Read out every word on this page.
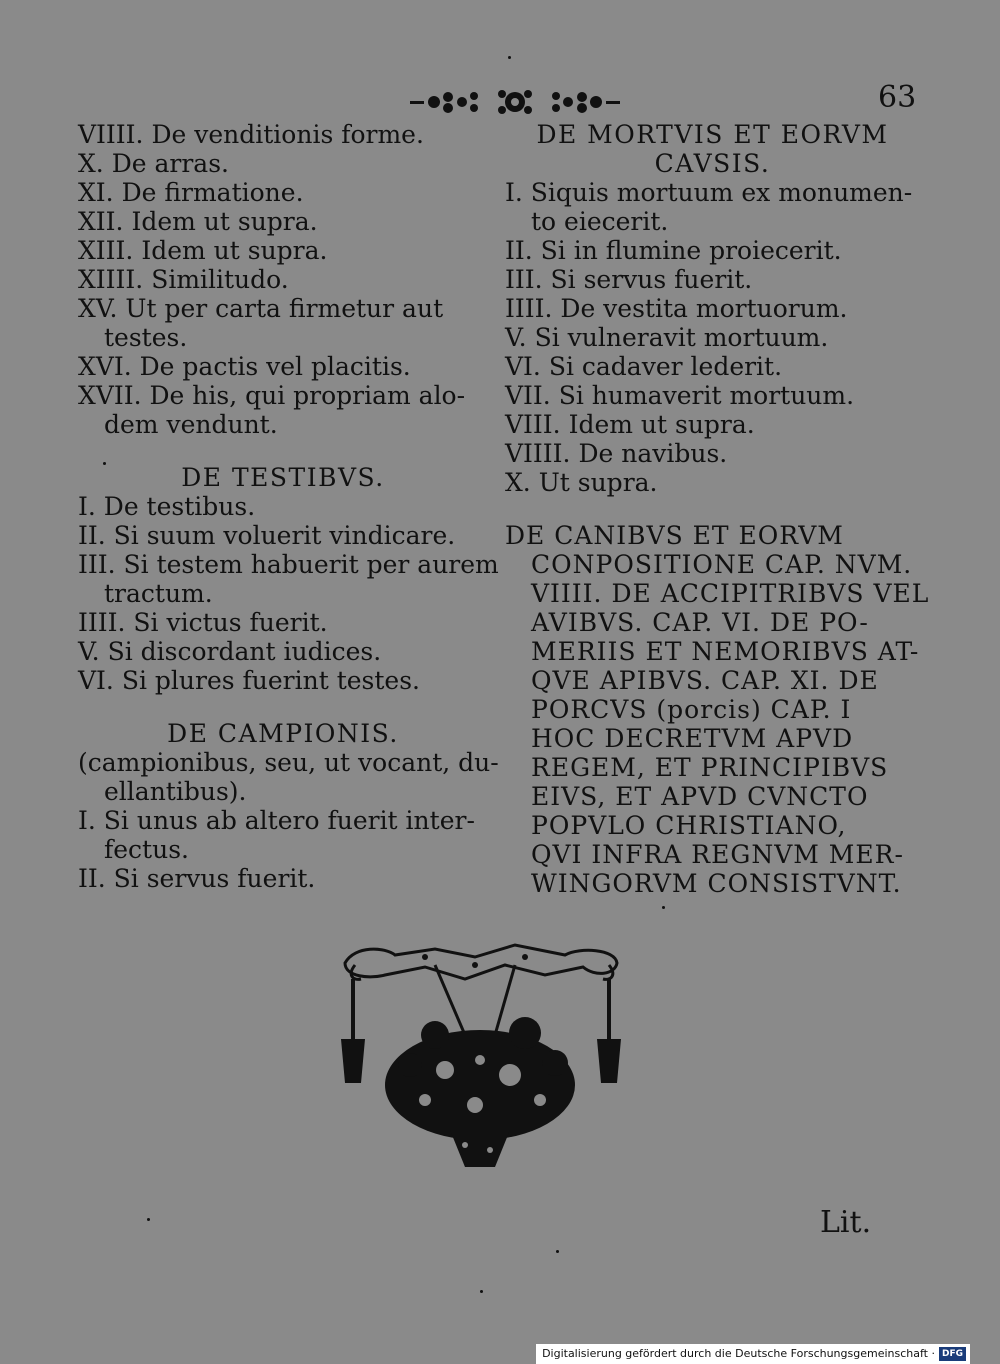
63
VIIII. De venditionis forme.
X. De arras.
XI. De firmatione.
XII. Idem ut supra.
XIII. Idem ut supra.
XIIII. Similitudo.
XV. Ut per carta firmetur aut
testes.
XVI. De pactis vel placitis.
XVII. De his, qui propriam alo-
dem vendunt.
DE TESTIBVS.
I. De testibus.
II. Si suum voluerit vindicare.
III. Si testem habuerit per aurem
tractum.
IIII. Si victus fuerit.
V. Si discordant iudices.
VI. Si plures fuerint testes.
DE CAMPIONIS.
(campionibus, seu, ut vocant, du-
ellantibus).
I. Si unus ab altero fuerit inter-
fectus.
II. Si servus fuerit.
DE MORTVIS ET EORVM
CAVSIS.
I. Siquis mortuum ex monumen-
to eiecerit.
II. Si in flumine proiecerit.
III. Si servus fuerit.
IIII. De vestita mortuorum.
V. Si vulneravit mortuum.
VI. Si cadaver lederit.
VII. Si humaverit mortuum.
VIII. Idem ut supra.
VIIII. De navibus.
X. Ut supra.
DE CANIBVS ET EORVM
CONPOSITIONE CAP. NVM.
VIIII. DE ACCIPITRIBVS VEL
AVIBVS. CAP. VI. DE PO-
MERIIS ET NEMORIBVS AT-
QVE APIBVS. CAP. XI. DE
PORCVS (porcis) CAP. I
HOC DECRETVM APVD
REGEM, ET PRINCIPIBVS
EIVS, ET APVD CVNCTO
POPVLO CHRISTIANO,
QVI INFRA REGNVM MER-
WINGORVM CONSISTVNT.
Lit.
Digitalisierung gefördert durch die Deutsche Forschungsgemeinschaft · DFG
